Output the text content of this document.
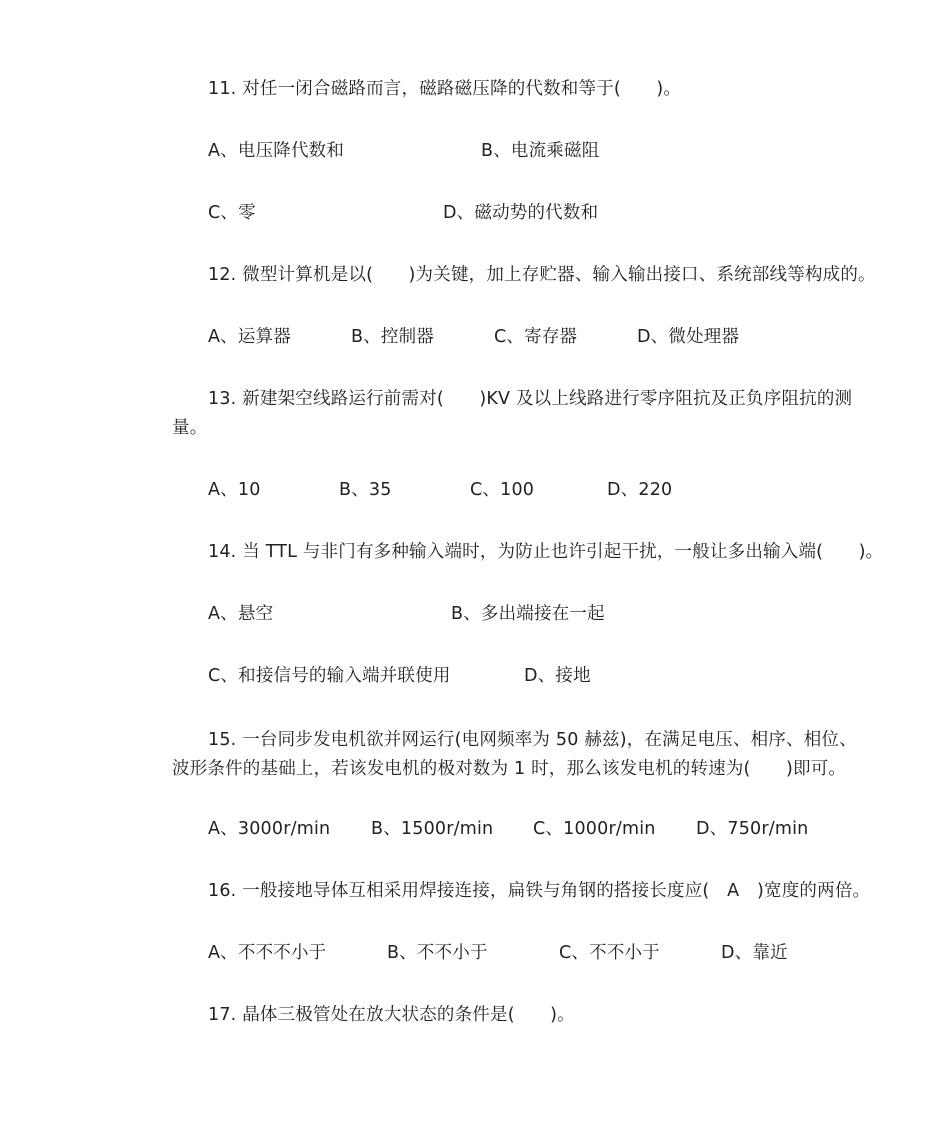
11. 对任一闭合磁路而言，磁路磁压降的代数和等于(　　)。
A、电压降代数和	B、电流乘磁阻
C、零	D、磁动势的代数和
12. 微型计算机是以(　　)为关键，加上存贮器、输入输出接口、系统部线等构成的。
A、运算器	B、控制器	C、寄存器	D、微处理器
13. 新建架空线路运行前需对(　　)KV 及以上线路进行零序阻抗及正负序阻抗的测
量。
A、10	B、35	C、100	D、220
14. 当 TTL 与非门有多种输入端时，为防止也许引起干扰，一般让多出输入端(　　)。
A、悬空	B、多出端接在一起
C、和接信号的输入端并联使用	D、接地
15. 一台同步发电机欲并网运行(电网频率为 50 赫兹)，在满足电压、相序、相位、
波形条件的基础上，若该发电机的极对数为 1 时，那么该发电机的转速为(　　)即可。
A、3000r/min B、1500r/min C、1000r/min D、750r/min
16. 一般接地导体互相采用焊接连接，扁铁与角钢的搭接长度应(　A　)宽度的两倍。
A、不不不小于	B、不不小于	C、不不小于	D、靠近
17. 晶体三极管处在放大状态的条件是(　　)。
